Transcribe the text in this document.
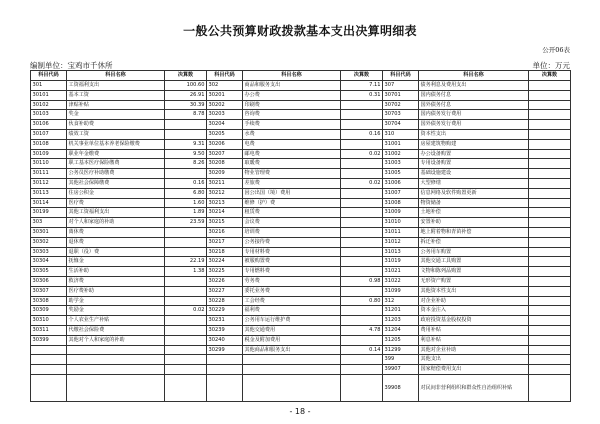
一般公共预算财政拨款基本支出决算明细表
公开06表
编制单位：宝鸡市千休所	单位：万元
科目代码	科目名称	决算数	科目代码	科目名称	决算数	科目代码	科目名称	决算数
301	工资福利支出	100.60	302	商品和服务支出	7.11	307	债务利息及费用支出	
30101	基本工资	26.91	30201	办公费	0.31	30701	国内债务付息	
30102	津贴补贴	30.39	30202	印刷费		30702	国外债务付息	
30103	奖金	8.78	30203	咨询费		30703	国内债务发行费用	
30106	伙食补助费		30204	手续费		30704	国外债务发行费用	
30107	绩效工资		30205	水费	0.16	310	资本性支出	
30108	机关事业单位基本养老保险缴费	9.31	30206	电费		31001	房屋建筑物购建	
30109	职业年金缴费	9.50	30207	邮电费	0.02	31002	办公设备购置	
30110	职工基本医疗保险缴费	8.26	30208	取暖费		31003	专用设备购置	
30111	公务员医疗补助缴费		30209	物业管理费		31005	基础设施建设	
30112	其他社会保障缴费	0.16	30211	差旅费	0.02	31006	大型修缮	
30113	住房公积金	6.80	30212	因公出国（境）费用		31007	信息网络及软件购置更新	
30114	医疗费	1.60	30213	维修（护）费		31008	物资储备	
30199	其他工资福利支出	1.89	30214	租赁费		31009	土地补偿	
303	对个人和家庭的补助	23.59	30215	会议费		31010	安置补助	
30301	离休费		30216	培训费		31011	地上附着物和青苗补偿	
30302	退休费		30217	公务接待费		31012	拆迁补偿	
30303	退职（役）费		30218	专用材料费		31013	公务用车购置	
30304	抚恤金	22.19	30224	被服购置费		31019	其他交通工具购置	
30305	生活补助	1.38	30225	专用燃料费		31021	文物和陈列品购置	
30306	救济费		30226	劳务费	0.98	31022	无形资产购置	
30307	医疗费补助		30227	委托业务费		31099	其他资本性支出	
30308	助学金		30228	工会经费	0.80	312	对企业补助	
30309	奖励金	0.02	30229	福利费		31201	资本金注入	
30310	个人农业生产补贴		30231	公务用车运行维护费		31203	政府投资基金股权投资	
30311	代缴社会保险费		30239	其他交通费用	4.78	31204	费用补贴	
30399	其他对个人和家庭的补助		30240	税金及附加费用		31205	利息补贴	
			30299	其他商品和服务支出	0.14	31299	其他对企业补助	
						399	其他支出	
						39907	国家赔偿费用支出	
						39908	对民间非营利组织和群众性自治组织补贴	
- 18 -
